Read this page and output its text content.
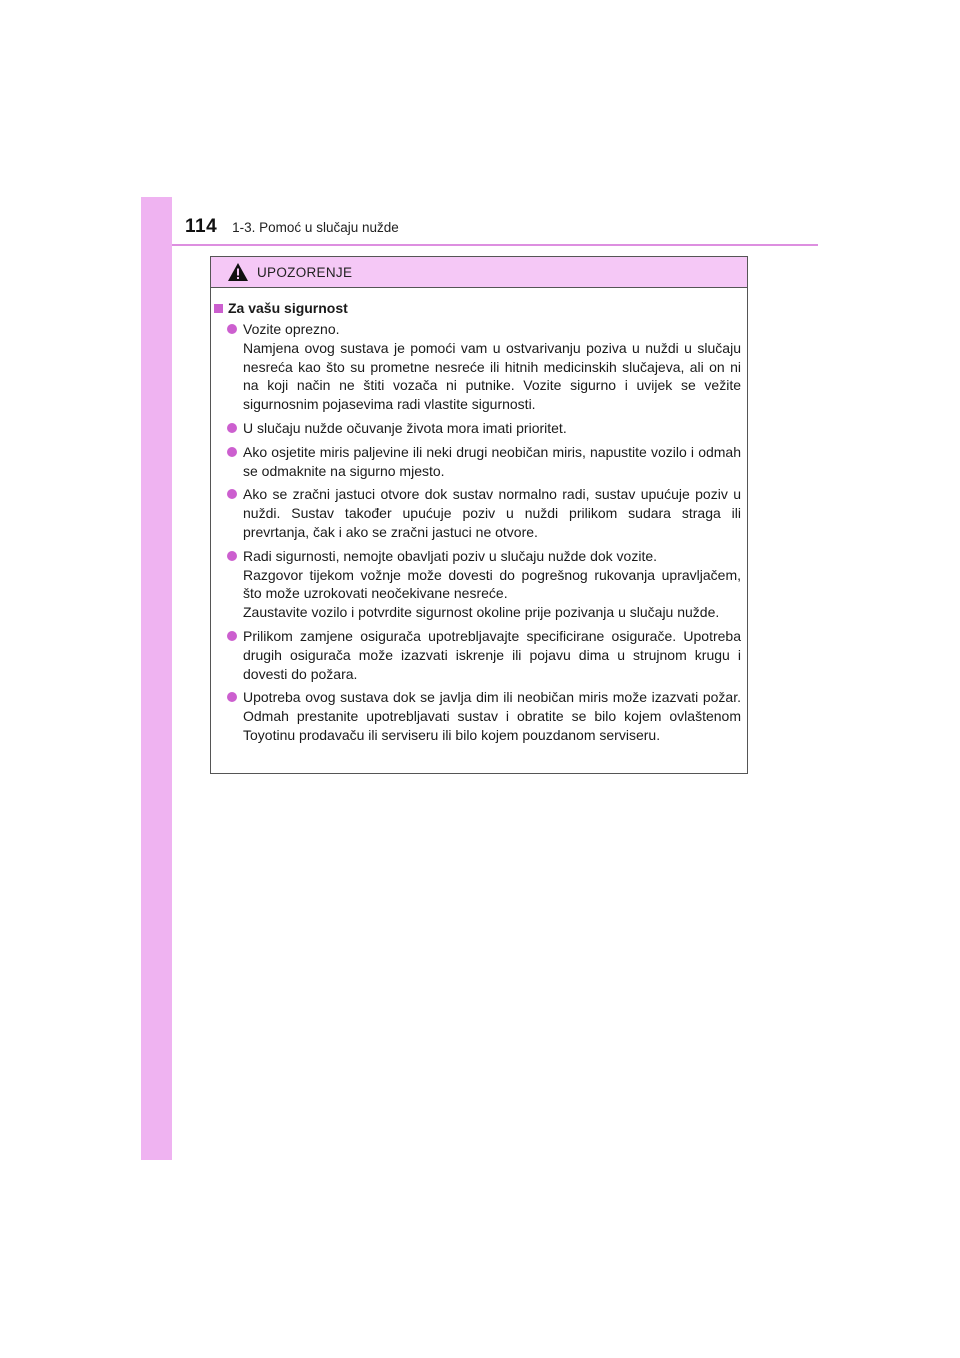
114 1-3. Pomoć u slučaju nužde
UPOZORENJE
Za vašu sigurnost
Vozite oprezno.
Namjena ovog sustava je pomoći vam u ostvarivanju poziva u nuždi u slučaju nesreća kao što su prometne nesreće ili hitnih medicinskih slučajeva, ali on ni na koji način ne štiti vozača ni putnike. Vozite sigurno i uvijek se vežite sigurnosnim pojasevima radi vlastite sigurnosti.
U slučaju nužde očuvanje života mora imati prioritet.
Ako osjetite miris paljevine ili neki drugi neobičan miris, napustite vozilo i odmah se odmaknite na sigurno mjesto.
Ako se zračni jastuci otvore dok sustav normalno radi, sustav upućuje poziv u nuždi. Sustav također upućuje poziv u nuždi prilikom sudara straga ili prevrtanja, čak i ako se zračni jastuci ne otvore.
Radi sigurnosti, nemojte obavljati poziv u slučaju nužde dok vozite.
Razgovor tijekom vožnje može dovesti do pogrešnog rukovanja upravljačem, što može uzrokovati neočekivane nesreće.
Zaustavite vozilo i potvrdite sigurnost okoline prije pozivanja u slučaju nužde.
Prilikom zamjene osigurača upotrebljavajte specificirane osigurače. Upotreba drugih osigurača može izazvati iskrenje ili pojavu dima u strujnom krugu i dovesti do požara.
Upotreba ovog sustava dok se javlja dim ili neobičan miris može izazvati požar. Odmah prestanite upotrebljavati sustav i obratite se bilo kojem ovlaštenom Toyotinu prodavaču ili serviseru ili bilo kojem pouzdanom serviseru.
